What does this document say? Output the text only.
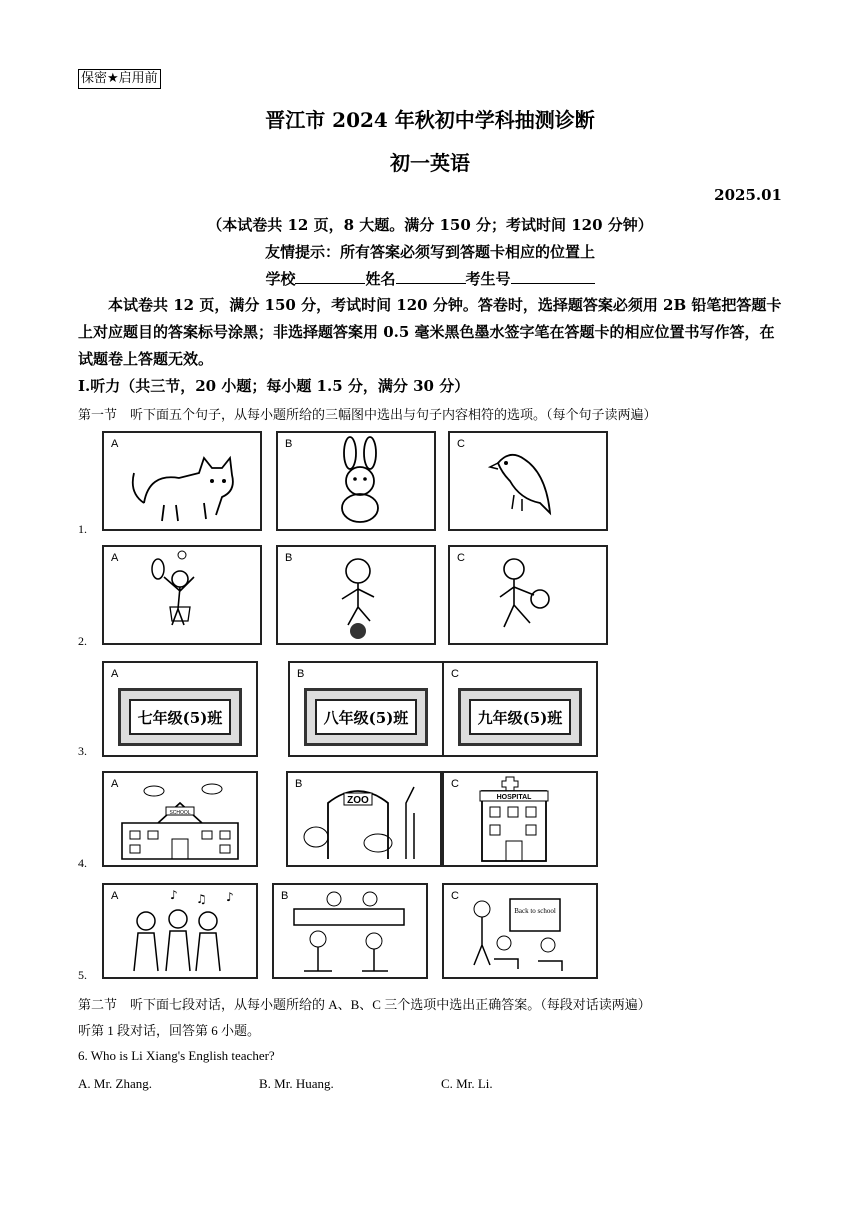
保密★启用前
晋江市 2024 年秋初中学科抽测诊断
初一英语
2025.01
（本试卷共 12 页，8 大题。满分 150 分；考试时间 120 分钟）
友情提示：所有答案必须写到答题卡相应的位置上
学校	姓名	考生号
本试卷共 12 页，满分 150 分，考试时间 120 分钟。答卷时，选择题答案必须用 2B 铅笔把答题卡上对应题目的答案标号涂黑；非选择题答案用 0.5 毫米黑色墨水签字笔在答题卡的相应位置书写作答，在试题卷上答题无效。
I.听力（共三节，20 小题；每小题 1.5 分，满分 30 分）
第一节　听下面五个句子，从每小题所给的三幅图中选出与句子内容相符的选项。（每个句子读两遍）
1.
A	B	C
2.
A	B	C
3.
A
七年级(5)班
B
八年级(5)班
C
九年级(5)班
4.
A
SCHOOL
B
ZOO
C
HOSPITAL
5.
A	♪ ♫ ♪	B	C
Back to school
第二节　听下面七段对话，从每小题所给的 A、B、C 三个选项中选出正确答案。（每段对话读两遍）
听第 1 段对话，回答第 6 小题。
6. Who is Li Xiang's English teacher?
A. Mr. Zhang.	B. Mr. Huang.	C. Mr. Li.
